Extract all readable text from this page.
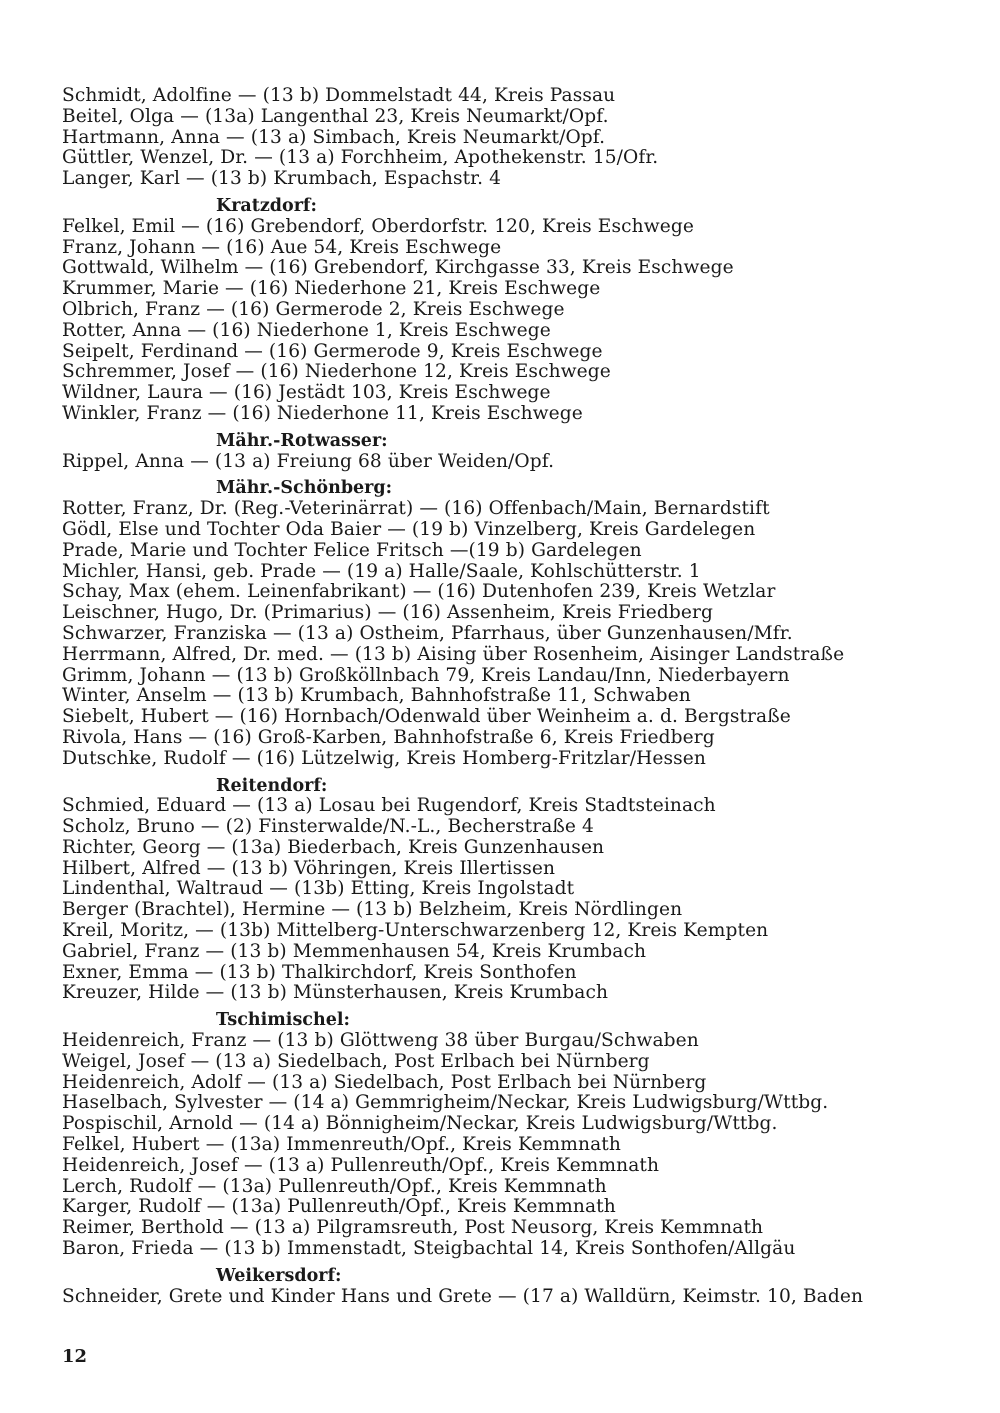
Schmidt, Adolfine — (13 b) Dommelstadt 44, Kreis Passau
Beitel, Olga — (13a) Langenthal 23, Kreis Neumarkt/Opf.
Hartmann, Anna — (13 a) Simbach, Kreis Neumarkt/Opf.
Güttler, Wenzel, Dr. — (13 a) Forchheim, Apothekenstr. 15/Ofr.
Langer, Karl — (13 b) Krumbach, Espachstr. 4
Kratzdorf:
Felkel, Emil — (16) Grebendorf, Oberdorfstr. 120, Kreis Eschwege
Franz, Johann — (16) Aue 54, Kreis Eschwege
Gottwald, Wilhelm — (16) Grebendorf, Kirchgasse 33, Kreis Eschwege
Krummer, Marie — (16) Niederhone 21, Kreis Eschwege
Olbrich, Franz — (16) Germerode 2, Kreis Eschwege
Rotter, Anna — (16) Niederhone 1, Kreis Eschwege
Seipelt, Ferdinand — (16) Germerode 9, Kreis Eschwege
Schremmer, Josef — (16) Niederhone 12, Kreis Eschwege
Wildner, Laura — (16) Jestädt 103, Kreis Eschwege
Winkler, Franz — (16) Niederhone 11, Kreis Eschwege
Mähr.-Rotwasser:
Rippel, Anna — (13 a) Freiung 68 über Weiden/Opf.
Mähr.-Schönberg:
Rotter, Franz, Dr. (Reg.-Veterinärrat) — (16) Offenbach/Main, Bernardstift
Gödl, Else und Tochter Oda Baier — (19 b) Vinzelberg, Kreis Gardelegen
Prade, Marie und Tochter Felice Fritsch —(19 b) Gardelegen
Michler, Hansi, geb. Prade — (19 a) Halle/Saale, Kohlschütterstr. 1
Schay, Max (ehem. Leinenfabrikant) — (16) Dutenhofen 239, Kreis Wetzlar
Leischner, Hugo, Dr. (Primarius) — (16) Assenheim, Kreis Friedberg
Schwarzer, Franziska — (13 a) Ostheim, Pfarrhaus, über Gunzenhausen/Mfr.
Herrmann, Alfred, Dr. med. — (13 b) Aising über Rosenheim, Aisinger Landstraße
Grimm, Johann — (13 b) Großköllnbach 79, Kreis Landau/Inn, Niederbayern
Winter, Anselm — (13 b) Krumbach, Bahnhofstraße 11, Schwaben
Siebelt, Hubert — (16) Hornbach/Odenwald über Weinheim a. d. Bergstraße
Rivola, Hans — (16) Groß-Karben, Bahnhofstraße 6, Kreis Friedberg
Dutschke, Rudolf — (16) Lützelwig, Kreis Homberg-Fritzlar/Hessen
Reitendorf:
Schmied, Eduard — (13 a) Losau bei Rugendorf, Kreis Stadtsteinach
Scholz, Bruno — (2) Finsterwalde/N.-L., Becherstraße 4
Richter, Georg — (13a) Biederbach, Kreis Gunzenhausen
Hilbert, Alfred — (13 b) Vöhringen, Kreis Illertissen
Lindenthal, Waltraud — (13b) Etting, Kreis Ingolstadt
Berger (Brachtel), Hermine — (13 b) Belzheim, Kreis Nördlingen
Kreil, Moritz, — (13b) Mittelberg-Unterschwarzenberg 12, Kreis Kempten
Gabriel, Franz — (13 b) Memmenhausen 54, Kreis Krumbach
Exner, Emma — (13 b) Thalkirchdorf, Kreis Sonthofen
Kreuzer, Hilde — (13 b) Münsterhausen, Kreis Krumbach
Tschimischel:
Heidenreich, Franz — (13 b) Glöttweng 38 über Burgau/Schwaben
Weigel, Josef — (13 a) Siedelbach, Post Erlbach bei Nürnberg
Heidenreich, Adolf — (13 a) Siedelbach, Post Erlbach bei Nürnberg
Haselbach, Sylvester — (14 a) Gemmrigheim/Neckar, Kreis Ludwigsburg/Wttbg.
Pospischil, Arnold — (14 a) Bönnigheim/Neckar, Kreis Ludwigsburg/Wttbg.
Felkel, Hubert — (13a) Immenreuth/Opf., Kreis Kemmnath
Heidenreich, Josef — (13 a) Pullenreuth/Opf., Kreis Kemmnath
Lerch, Rudolf — (13a) Pullenreuth/Opf., Kreis Kemmnath
Karger, Rudolf — (13a) Pullenreuth/Opf., Kreis Kemmnath
Reimer, Berthold — (13 a) Pilgramsreuth, Post Neusorg, Kreis Kemmnath
Baron, Frieda — (13 b) Immenstadt, Steigbachtal 14, Kreis Sonthofen/Allgäu
Weikersdorf:
Schneider, Grete und Kinder Hans und Grete — (17 a) Walldürn, Keimstr. 10, Baden
12
